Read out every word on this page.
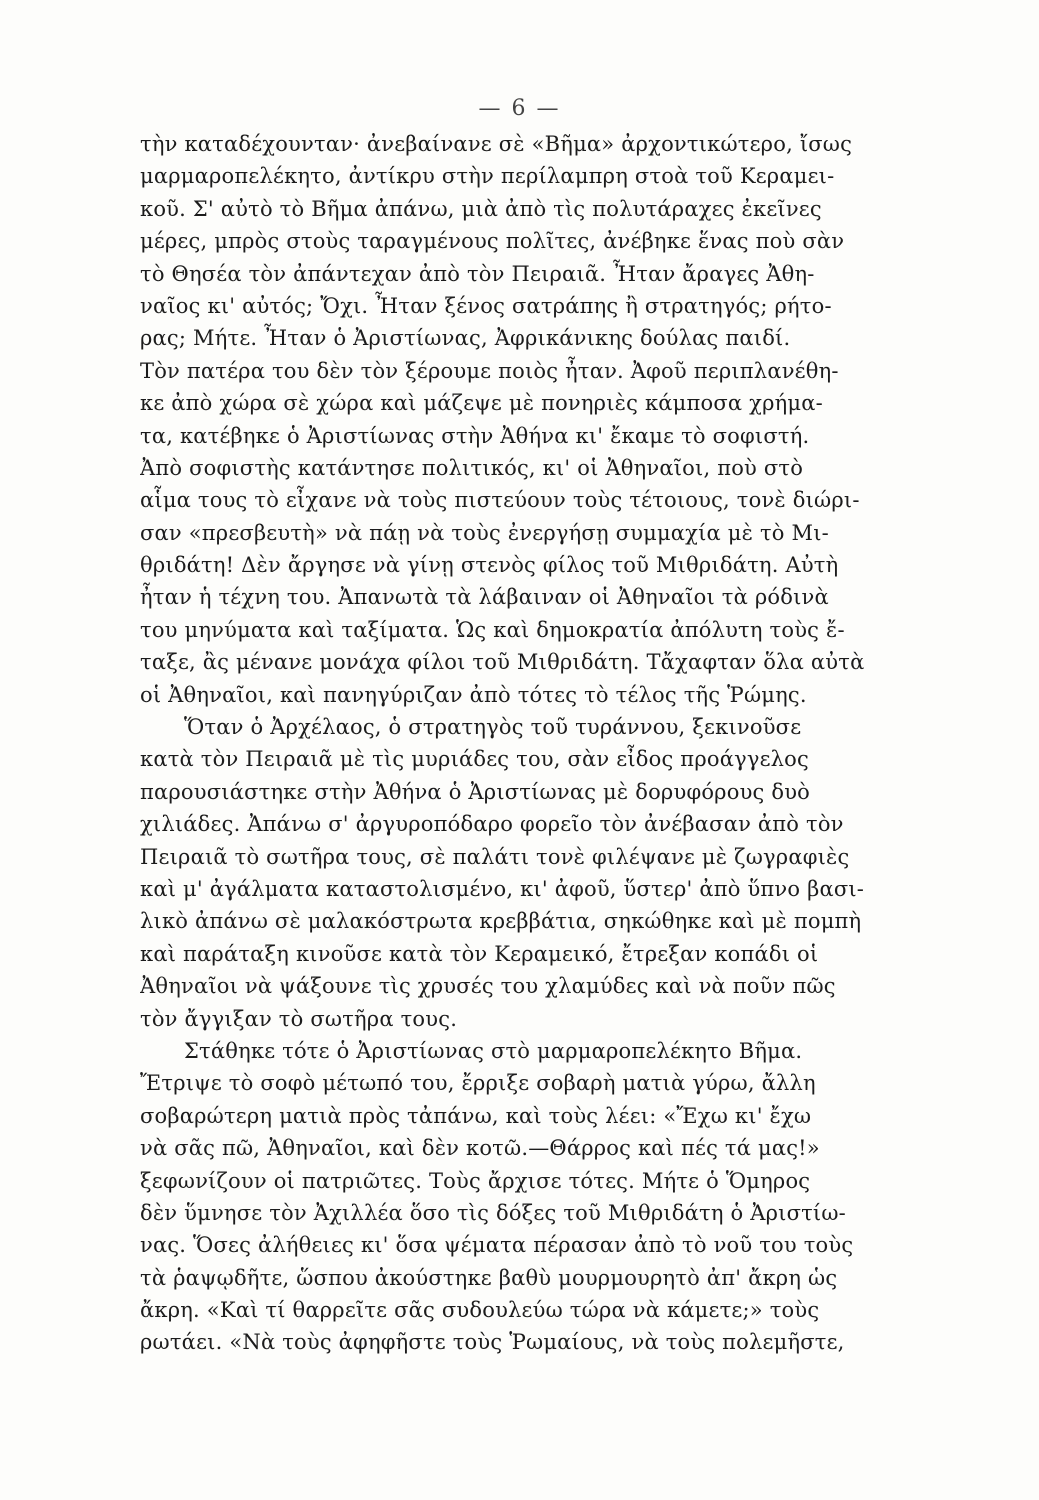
— 6 —
τὴν καταδέχουνταν· ἀνεβαίνανε σὲ «Βῆμα» ἀρχοντικώτερο, ἴσως
μαρμαροπελέκητο, ἀντίκρυ στὴν περίλαμπρη στοὰ τοῦ Κεραμει-
κοῦ. Σ' αὐτὸ τὸ Βῆμα ἀπάνω, μιὰ ἀπὸ τὶς πολυτάραχες ἐκεῖνες
μέρες, μπρὸς στοὺς ταραγμένους πολῖτες, ἀνέβηκε ἕνας ποὺ σὰν
τὸ Θησέα τὸν ἀπάντεχαν ἀπὸ τὸν Πειραιᾶ. Ἦταν ἄραγες Ἀθη-
ναῖος κι' αὐτός; Ὄχι. Ἦταν ξένος σατράπης ἢ στρατηγός; ρήτο-
ρας; Μήτε. Ἦταν ὁ Ἀριστίωνας, Ἀφρικάνικης δούλας παιδί.
Τὸν πατέρα του δὲν τὸν ξέρουμε ποιὸς ἦταν. Ἀφοῦ περιπλανέθη-
κε ἀπὸ χώρα σὲ χώρα καὶ μάζεψε μὲ πονηριὲς κάμποσα χρήμα-
τα, κατέβηκε ὁ Ἀριστίωνας στὴν Ἀθήνα κι' ἔκαμε τὸ σοφιστή.
Ἀπὸ σοφιστὴς κατάντησε πολιτικός, κι' οἱ Ἀθηναῖοι, ποὺ στὸ
αἷμα τους τὸ εἶχανε νὰ τοὺς πιστεύουν τοὺς τέτοιους, τονὲ διώρι-
σαν «πρεσβευτὴ» νὰ πάῃ νὰ τοὺς ἐνεργήσῃ συμμαχία μὲ τὸ Μι-
θριδάτη! Δὲν ἄργησε νὰ γίνῃ στενὸς φίλος τοῦ Μιθριδάτη. Αὐτὴ
ἦταν ἡ τέχνη του. Ἀπανωτὰ τὰ λάβαιναν οἱ Ἀθηναῖοι τὰ ρόδινὰ
του μηνύματα καὶ ταξίματα. Ὡς καὶ δημοκρατία ἀπόλυτη τοὺς ἔ-
ταξε, ἂς μένανε μονάχα φίλοι τοῦ Μιθριδάτη. Τἄχαφταν ὅλα αὐτὰ
οἱ Ἀθηναῖοι, καὶ πανηγύριζαν ἀπὸ τότες τὸ τέλος τῆς Ῥώμης.
Ὅταν ὁ Ἀρχέλαος, ὁ στρατηγὸς τοῦ τυράννου, ξεκινοῦσε
κατὰ τὸν Πειραιᾶ μὲ τὶς μυριάδες του, σὰν εἶδος προάγγελος
παρουσιάστηκε στὴν Ἀθήνα ὁ Ἀριστίωνας μὲ δορυφόρους δυὸ
χιλιάδες. Ἀπάνω σ' ἀργυροπόδαρο φορεῖο τὸν ἀνέβασαν ἀπὸ τὸν
Πειραιᾶ τὸ σωτῆρα τους, σὲ παλάτι τονὲ φιλέψανε μὲ ζωγραφιὲς
καὶ μ' ἀγάλματα καταστολισμένο, κι' ἀφοῦ, ὕστερ' ἀπὸ ὕπνο βασι-
λικὸ ἀπάνω σὲ μαλακόστρωτα κρεββάτια, σηκώθηκε καὶ μὲ πομπὴ
καὶ παράταξη κινοῦσε κατὰ τὸν Κεραμεικό, ἔτρεξαν κοπάδι οἱ
Ἀθηναῖοι νὰ ψάξουνε τὶς χρυσές του χλαμύδες καὶ νὰ ποῦν πῶς
τὸν ἄγγιξαν τὸ σωτῆρα τους.
Στάθηκε τότε ὁ Ἀριστίωνας στὸ μαρμαροπελέκητο Βῆμα.
Ἔτριψε τὸ σοφὸ μέτωπό του, ἔρριξε σοβαρὴ ματιὰ γύρω, ἄλλη
σοβαρώτερη ματιὰ πρὸς τἀπάνω, καὶ τοὺς λέει: «Ἔχω κι' ἔχω
νὰ σᾶς πῶ, Ἀθηναῖοι, καὶ δὲν κοτῶ.—Θάρρος καὶ πές τά μας!»
ξεφωνίζουν οἱ πατριῶτες. Τοὺς ἄρχισε τότες. Μήτε ὁ Ὅμηρος
δὲν ὕμνησε τὸν Ἀχιλλέα ὅσο τὶς δόξες τοῦ Μιθριδάτη ὁ Ἀριστίω-
νας. Ὅσες ἀλήθειες κι' ὅσα ψέματα πέρασαν ἀπὸ τὸ νοῦ του τοὺς
τὰ ῥαψῳδῆτε, ὥσπου ἀκούστηκε βαθὺ μουρμουρητὸ ἀπ' ἄκρη ὡς
ἄκρη. «Καὶ τί θαρρεῖτε σᾶς συδουλεύω τώρα νὰ κάμετε;» τοὺς
ρωτάει. «Νὰ τοὺς ἀφηφῆστε τοὺς Ῥωμαίους, νὰ τοὺς πολεμῆστε,
